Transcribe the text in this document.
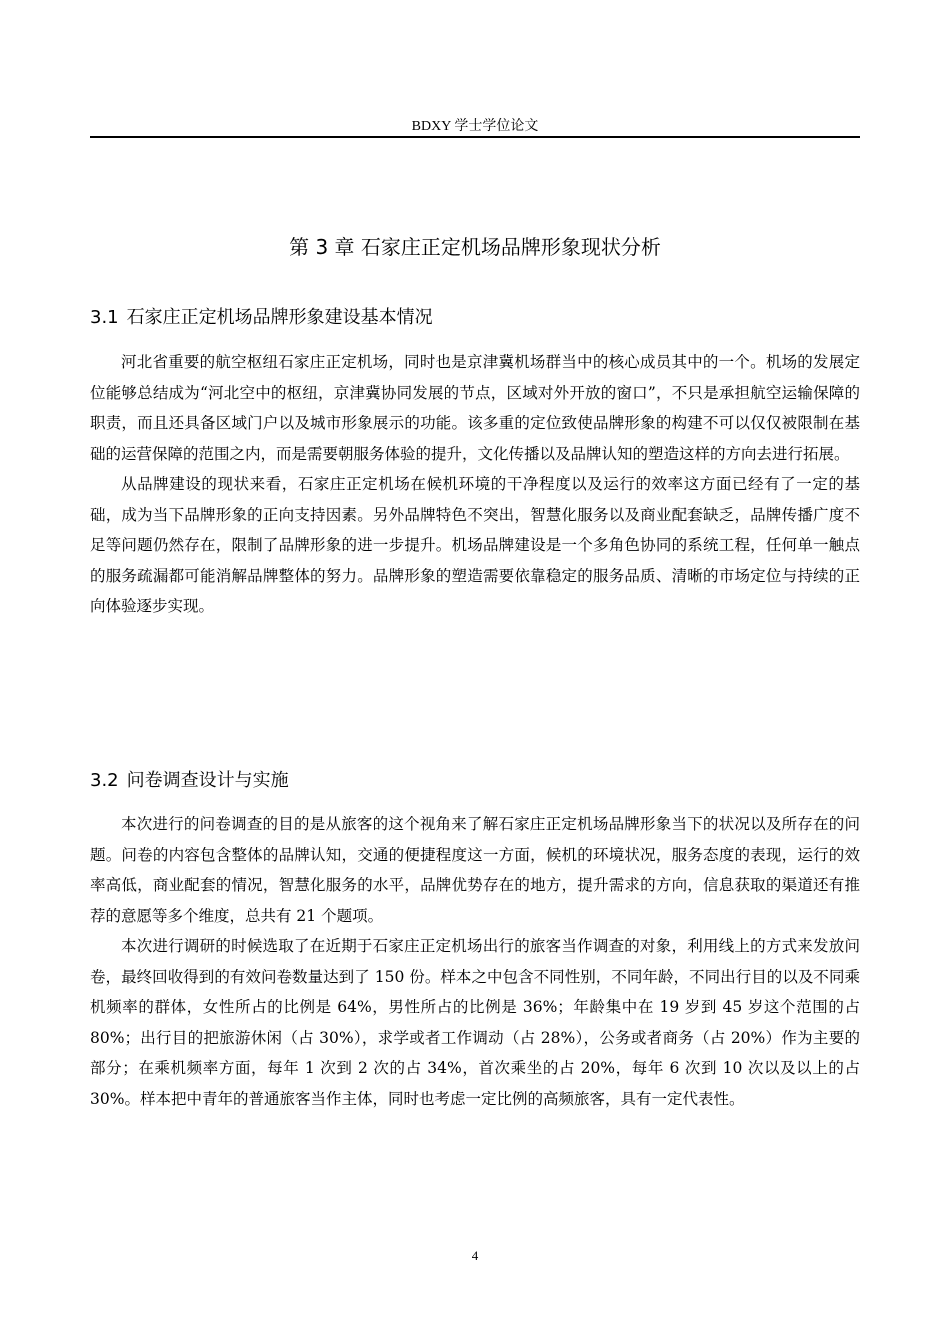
BDXY 学士学位论文
第 3 章 石家庄正定机场品牌形象现状分析
3.1 石家庄正定机场品牌形象建设基本情况

河北省重要的航空枢纽石家庄正定机场，同时也是京津冀机场群当中的核心成员其中的一个。机场的发展定位能够总结成为“河北空中的枢纽，京津冀协同发展的节点，区域对外开放的窗口”，不只是承担航空运输保障的职责，而且还具备区域门户以及城市形象展示的功能。该多重的定位致使品牌形象的构建不可以仅仅被限制在基础的运营保障的范围之内，而是需要朝服务体验的提升，文化传播以及品牌认知的塑造这样的方向去进行拓展。

从品牌建设的现状来看，石家庄正定机场在候机环境的干净程度以及运行的效率这方面已经有了一定的基础，成为当下品牌形象的正向支持因素。另外品牌特色不突出，智慧化服务以及商业配套缺乏，品牌传播广度不足等问题仍然存在，限制了品牌形象的进一步提升。机场品牌建设是一个多角色协同的系统工程，任何单一触点的服务疏漏都可能消解品牌整体的努力。品牌形象的塑造需要依靠稳定的服务品质、清晰的市场定位与持续的正向体验逐步实现。

3.2 问卷调查设计与实施

本次进行的问卷调查的目的是从旅客的这个视角来了解石家庄正定机场品牌形象当下的状况以及所存在的问题。问卷的内容包含整体的品牌认知，交通的便捷程度这一方面，候机的环境状况，服务态度的表现，运行的效率高低，商业配套的情况，智慧化服务的水平，品牌优势存在的地方，提升需求的方向，信息获取的渠道还有推荐的意愿等多个维度，总共有 21 个题项。

本次进行调研的时候选取了在近期于石家庄正定机场出行的旅客当作调查的对象，利用线上的方式来发放问卷，最终回收得到的有效问卷数量达到了 150 份。样本之中包含不同性别，不同年龄，不同出行目的以及不同乘机频率的群体，女性所占的比例是 64%，男性所占的比例是 36%；年龄集中在 19 岁到 45 岁这个范围的占 80%；出行目的把旅游休闲（占 30%），求学或者工作调动（占 28%），公务或者商务（占 20%）作为主要的部分；在乘机频率方面，每年 1 次到 2 次的占 34%，首次乘坐的占 20%，每年 6 次到 10 次以及以上的占 30%。样本把中青年的普通旅客当作主体，同时也考虑一定比例的高频旅客，具有一定代表性。

4
